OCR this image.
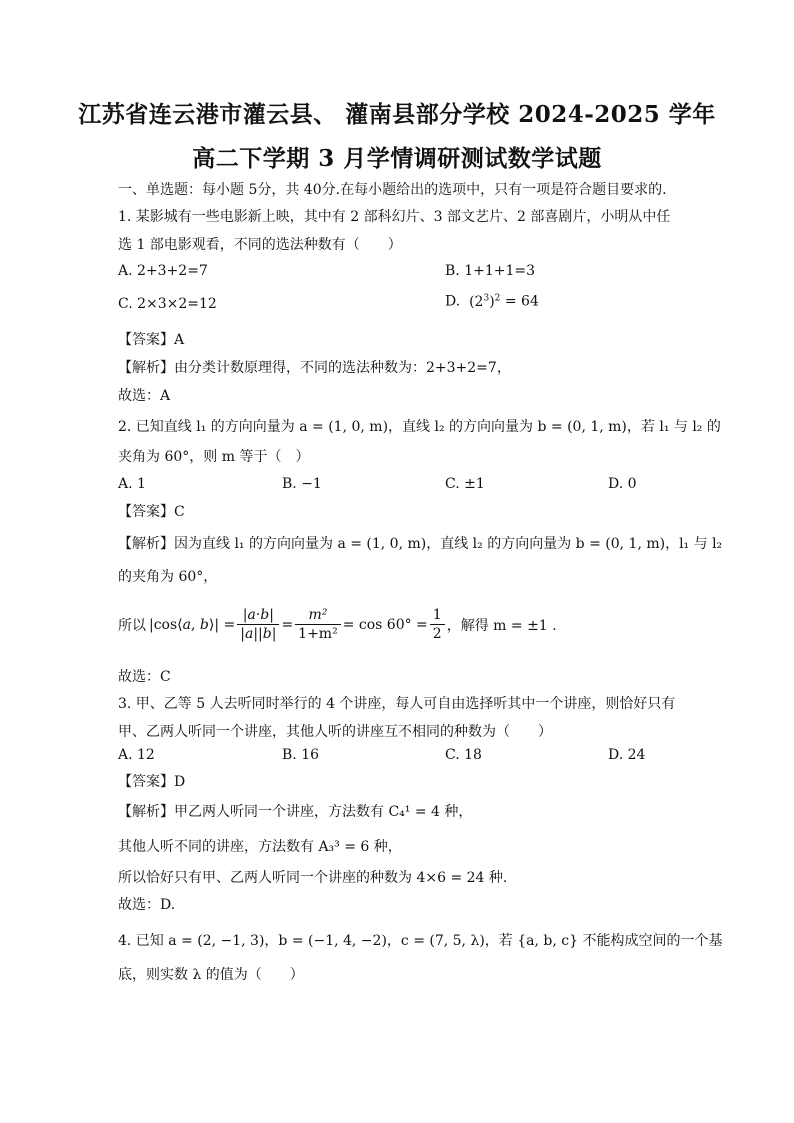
江苏省连云港市灌云县、 灌南县部分学校 2024-2025 学年
高二下学期 3 月学情调研测试数学试题
一、单选题：每小题 5分，共 40分.在每小题给出的选项中，只有一项是符合题目要求的.
1. 某影城有一些电影新上映，其中有 2 部科幻片、3 部文艺片、2 部喜剧片，小明从中任
选 1 部电影观看，不同的选法种数有（　　）
A. 2+3+2=7	B. 1+1+1=3
C. 2×3×2=12	D.  $(2^3)^2 = 64$
【答案】A
【解析】由分类计数原理得，不同的选法种数为：2+3+2=7，
故选：A
2. 已知直线 l₁ 的方向向量为 a = (1, 0, m)，直线 l₂ 的方向向量为 b = (0, 1, m)，若 l₁ 与 l₂ 的
夹角为 60°，则 m 等于（　）
A. 1	B. −1	C. ±1	D. 0
【答案】C
【解析】因为直线 l₁ 的方向向量为 a = (1, 0, m)，直线 l₂ 的方向向量为 b = (0, 1, m)，l₁ 与 l₂
的夹角为 60°，
所以 |cos⟨a, b⟩| = $\frac{|a\cdot b|}{|a||b|} = \frac{\text{m²}}{\text{1+m²}} = \cos 60^\circ = \frac{1}{2}$ ，解得 m = ±1 .
故选：C
3. 甲、乙等 5 人去听同时举行的 4 个讲座，每人可自由选择听其中一个讲座，则恰好只有
甲、乙两人听同一个讲座，其他人听的讲座互不相同的种数为（　　）
A. 12	B. 16	C. 18	D. 24
【答案】D
【解析】甲乙两人听同一个讲座，方法数有 C₄¹ = 4 种，
其他人听不同的讲座，方法数有 A₃³ = 6 种，
所以恰好只有甲、乙两人听同一个讲座的种数为 4×6 = 24 种.
故选：D.
4. 已知 a = (2, −1, 3)，b = (−1, 4, −2)，c = (7, 5, λ)，若 {a, b, c} 不能构成空间的一个基
底，则实数 λ 的值为（　　）
